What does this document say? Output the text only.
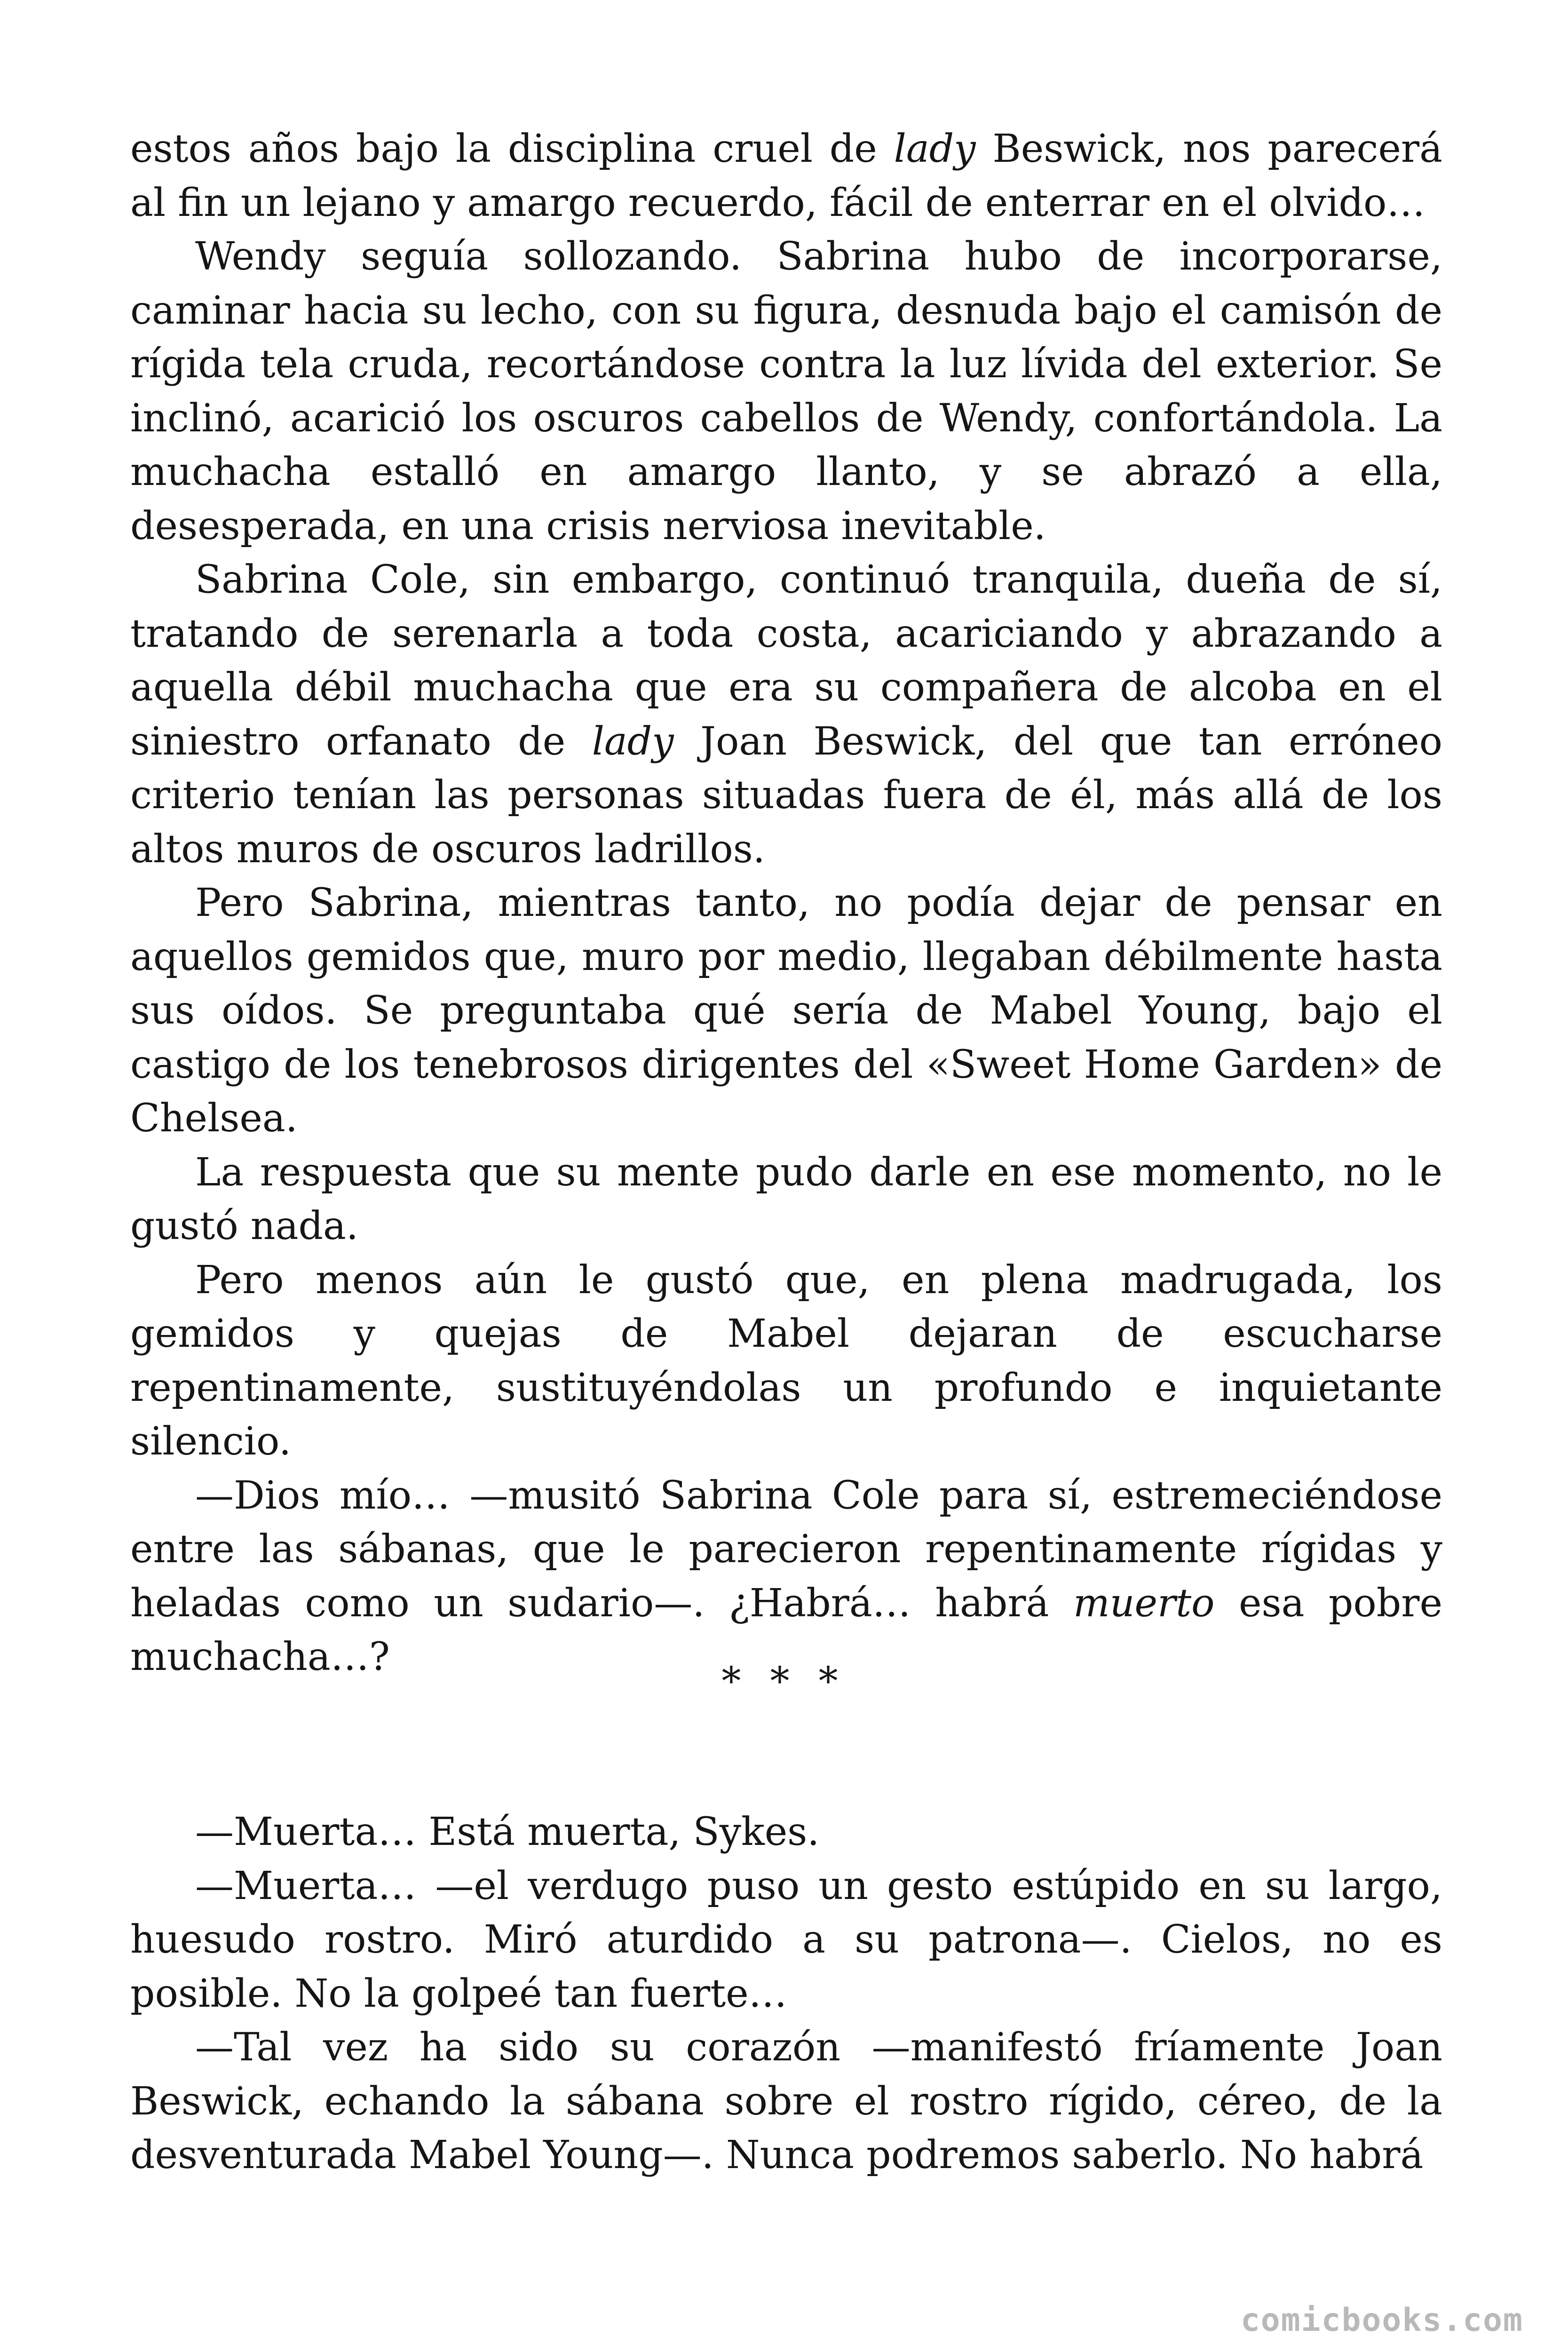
estos años bajo la disciplina cruel de lady Beswick, nos parecerá al fin un lejano y amargo recuerdo, fácil de enterrar en el olvido…

Wendy seguía sollozando. Sabrina hubo de incorporarse, caminar hacia su lecho, con su figura, desnuda bajo el camisón de rígida tela cruda, recortándose contra la luz lívida del exterior. Se inclinó, acarició los oscuros cabellos de Wendy, confortándola. La muchacha estalló en amargo llanto, y se abrazó a ella, desesperada, en una crisis nerviosa inevitable.

Sabrina Cole, sin embargo, continuó tranquila, dueña de sí, tratando de serenarla a toda costa, acariciando y abrazando a aquella débil muchacha que era su compañera de alcoba en el siniestro orfanato de lady Joan Beswick, del que tan erróneo criterio tenían las personas situadas fuera de él, más allá de los altos muros de oscuros ladrillos.

Pero Sabrina, mientras tanto, no podía dejar de pensar en aquellos gemidos que, muro por medio, llegaban débilmente hasta sus oídos. Se preguntaba qué sería de Mabel Young, bajo el castigo de los tenebrosos dirigentes del «Sweet Home Garden» de Chelsea.

La respuesta que su mente pudo darle en ese momento, no le gustó nada.

Pero menos aún le gustó que, en plena madrugada, los gemidos y quejas de Mabel dejaran de escucharse repentinamente, sustituyéndolas un profundo e inquietante silencio.

—Dios mío… —musitó Sabrina Cole para sí, estremeciéndose entre las sábanas, que le parecieron repentinamente rígidas y heladas como un sudario—. ¿Habrá… habrá muerto esa pobre muchacha…?

* * *

—Muerta… Está muerta, Sykes.

—Muerta… —el verdugo puso un gesto estúpido en su largo, huesudo rostro. Miró aturdido a su patrona—. Cielos, no es posible. No la golpeé tan fuerte…

—Tal vez ha sido su corazón —manifestó fríamente Joan Beswick, echando la sábana sobre el rostro rígido, céreo, de la desventurada Mabel Young—. Nunca podremos saberlo. No habrá

comicbooks.com
